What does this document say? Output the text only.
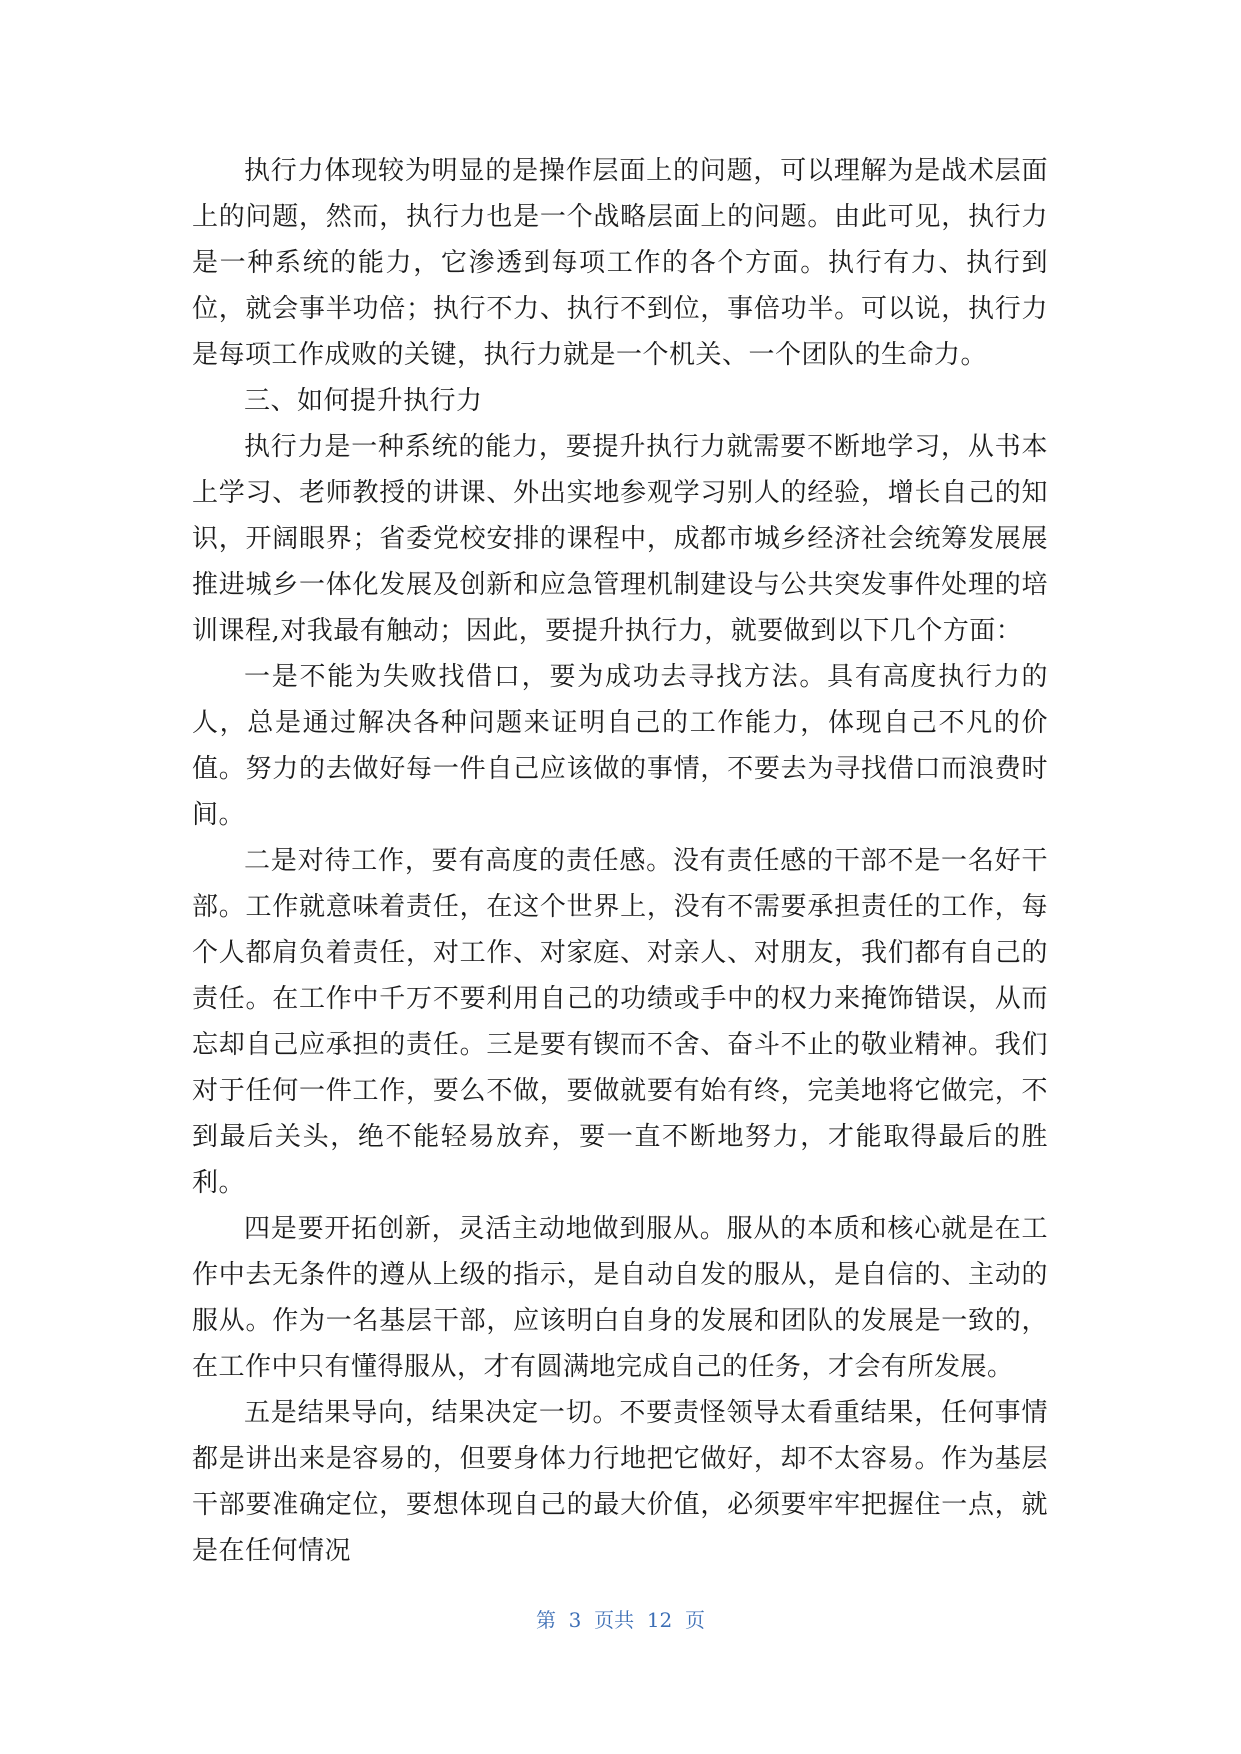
执行力体现较为明显的是操作层面上的问题，可以理解为是战术层面上的问题，然而，执行力也是一个战略层面上的问题。由此可见，执行力是一种系统的能力，它渗透到每项工作的各个方面。执行有力、执行到位，就会事半功倍；执行不力、执行不到位，事倍功半。可以说，执行力是每项工作成败的关键，执行力就是一个机关、一个团队的生命力。

三、如何提升执行力

执行力是一种系统的能力，要提升执行力就需要不断地学习，从书本上学习、老师教授的讲课、外出实地参观学习别人的经验，增长自己的知识，开阔眼界；省委党校安排的课程中，成都市城乡经济社会统筹发展展推进城乡一体化发展及创新和应急管理机制建设与公共突发事件处理的培训课程,对我最有触动；因此，要提升执行力，就要做到以下几个方面：

一是不能为失败找借口，要为成功去寻找方法。具有高度执行力的人，总是通过解决各种问题来证明自己的工作能力，体现自己不凡的价值。努力的去做好每一件自己应该做的事情，不要去为寻找借口而浪费时间。

二是对待工作，要有高度的责任感。没有责任感的干部不是一名好干部。工作就意味着责任，在这个世界上，没有不需要承担责任的工作，每个人都肩负着责任，对工作、对家庭、对亲人、对朋友，我们都有自己的责任。在工作中千万不要利用自己的功绩或手中的权力来掩饰错误，从而忘却自己应承担的责任。三是要有锲而不舍、奋斗不止的敬业精神。我们对于任何一件工作，要么不做，要做就要有始有终，完美地将它做完，不到最后关头，绝不能轻易放弃，要一直不断地努力，才能取得最后的胜利。

四是要开拓创新，灵活主动地做到服从。服从的本质和核心就是在工作中去无条件的遵从上级的指示，是自动自发的服从，是自信的、主动的服从。作为一名基层干部，应该明白自身的发展和团队的发展是一致的，在工作中只有懂得服从，才有圆满地完成自己的任务，才会有所发展。

五是结果导向，结果决定一切。不要责怪领导太看重结果，任何事情都是讲出来是容易的，但要身体力行地把它做好，却不太容易。作为基层干部要准确定位，要想体现自己的最大价值，必须要牢牢把握住一点，就是在任何情况

第  3  页共  12  页
